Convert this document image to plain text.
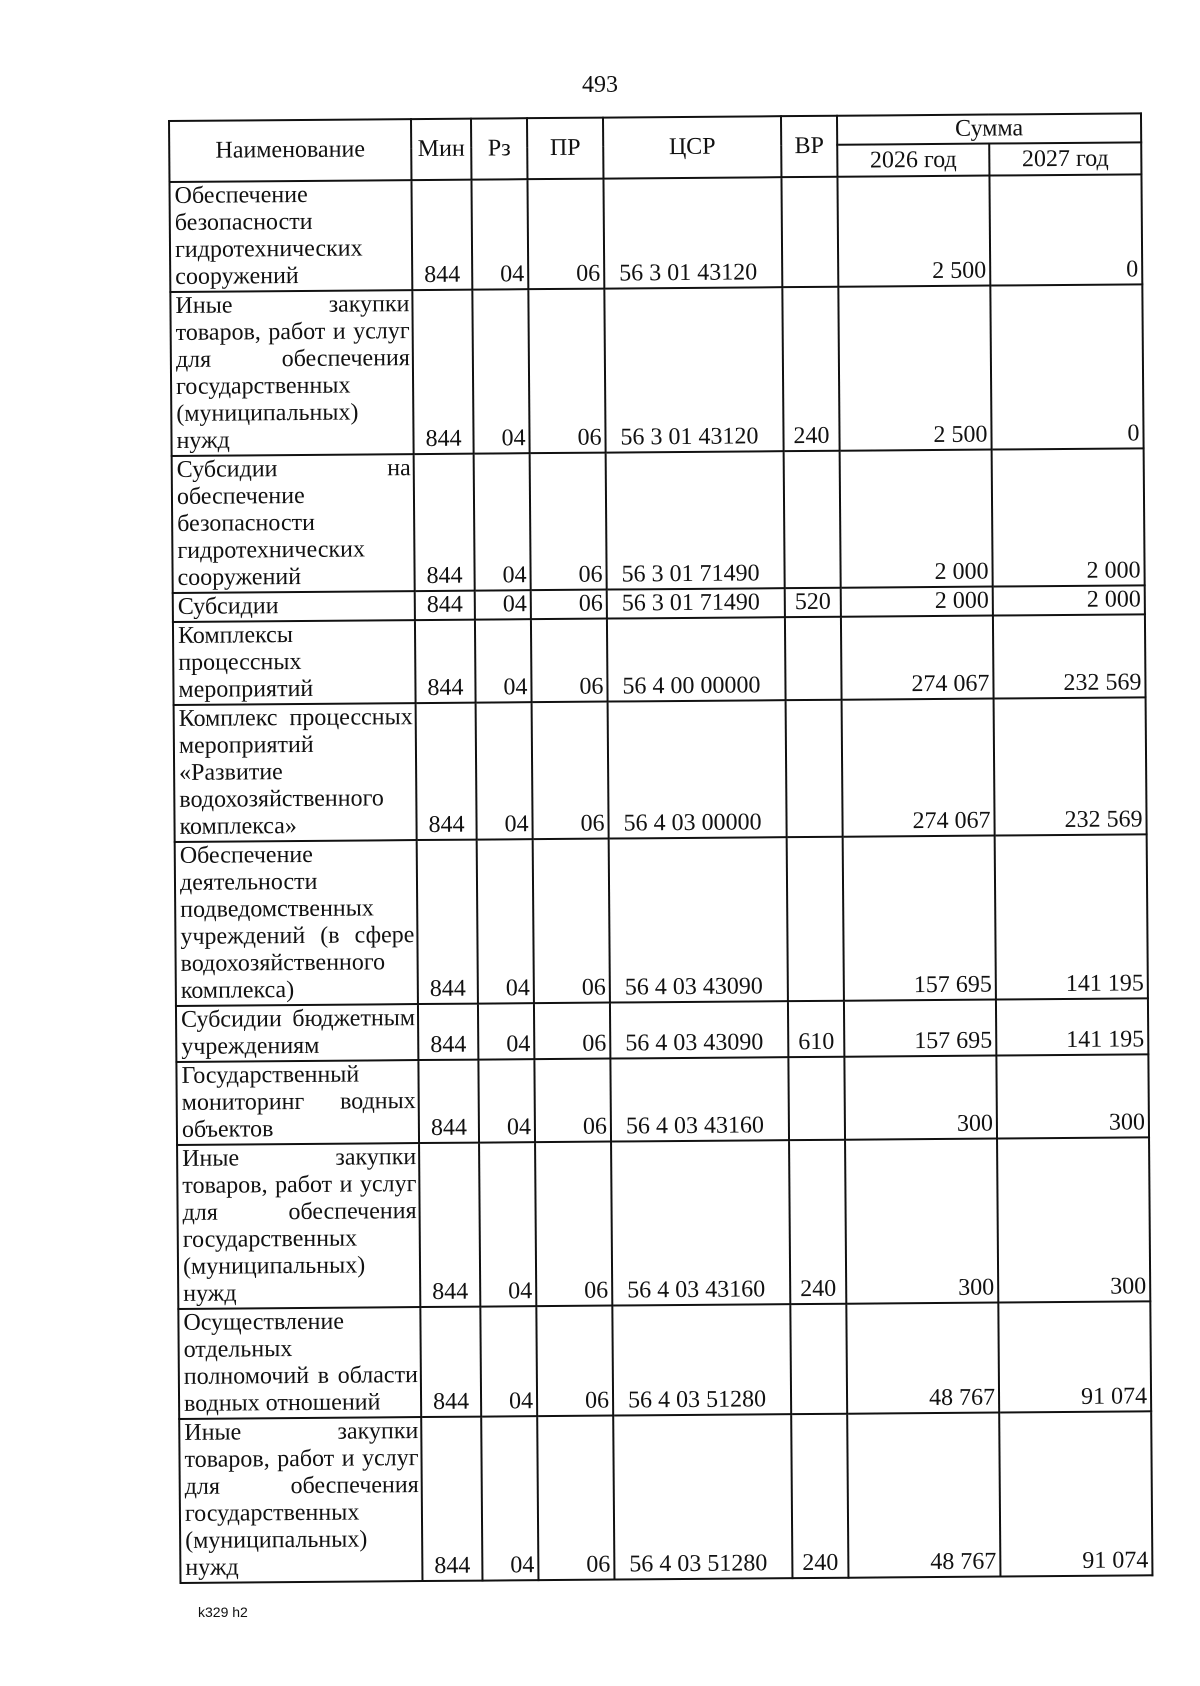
493
Наименование	Мин	Рз	ПР	ЦСР	ВР	Сумма	
						2026 год	2027 год
Обеспечение безопасности гидротехнических сооружений	844	04	06	56 3 01 43120		2 500	0
Иные закупки товаров, работ и услуг для обеспечения государственных (муниципальных) нужд	844	04	06	56 3 01 43120	240	2 500	0
Субсидии на обеспечение безопасности гидротехнических сооружений	844	04	06	56 3 01 71490		2 000	2 000
Субсидии	844	04	06	56 3 01 71490	520	2 000	2 000
Комплексы процессных мероприятий	844	04	06	56 4 00 00000		274 067	232 569
Комплекс процессных мероприятий «Развитие водохозяйственного комплекса»	844	04	06	56 4 03 00000		274 067	232 569
Обеспечение деятельности подведомственных учреждений (в сфере водохозяйственного комплекса)	844	04	06	56 4 03 43090		157 695	141 195
Субсидии бюджетным учреждениям	844	04	06	56 4 03 43090	610	157 695	141 195
Государственный мониторинг водных объектов	844	04	06	56 4 03 43160		300	300
Иные закупки товаров, работ и услуг для обеспечения государственных (муниципальных) нужд	844	04	06	56 4 03 43160	240	300	300
Осуществление отдельных полномочий в области водных отношений	844	04	06	56 4 03 51280		48 767	91 074
Иные закупки товаров, работ и услуг для обеспечения государственных (муниципальных) нужд	844	04	06	56 4 03 51280	240	48 767	91 074
k329 h2
